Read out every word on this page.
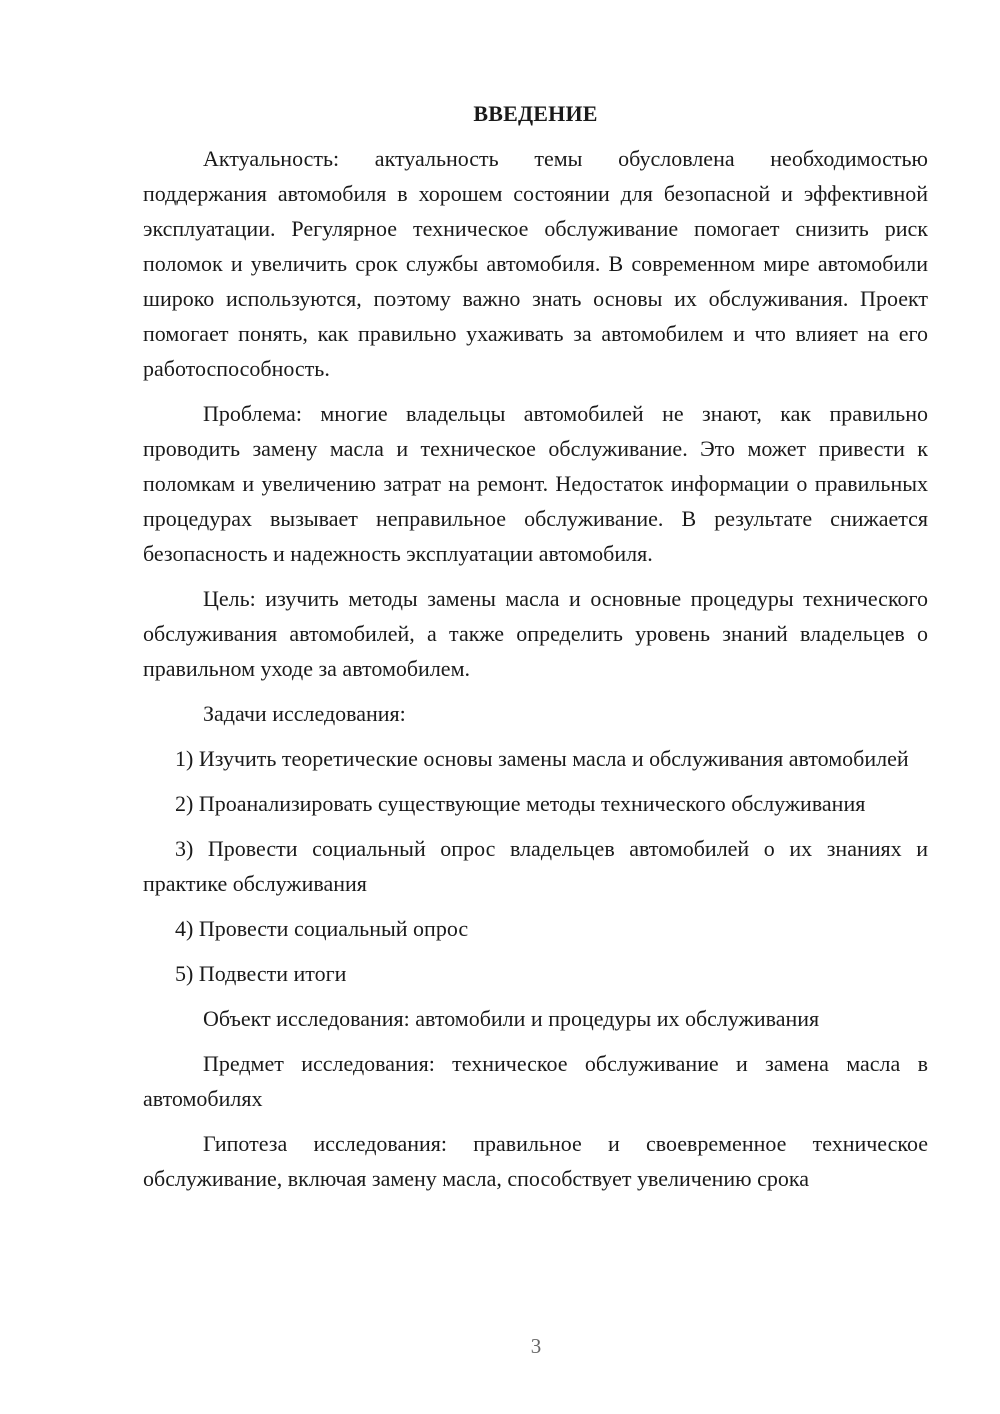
ВВЕДЕНИЕ
Актуальность: актуальность темы обусловлена необходимостью поддержания автомобиля в хорошем состоянии для безопасной и эффективной эксплуатации. Регулярное техническое обслуживание помогает снизить риск поломок и увеличить срок службы автомобиля. В современном мире автомобили широко используются, поэтому важно знать основы их обслуживания. Проект помогает понять, как правильно ухаживать за автомобилем и что влияет на его работоспособность.
Проблема: многие владельцы автомобилей не знают, как правильно проводить замену масла и техническое обслуживание. Это может привести к поломкам и увеличению затрат на ремонт. Недостаток информации о правильных процедурах вызывает неправильное обслуживание. В результате снижается безопасность и надежность эксплуатации автомобиля.
Цель: изучить методы замены масла и основные процедуры технического обслуживания автомобилей, а также определить уровень знаний владельцев о правильном уходе за автомобилем.
Задачи исследования:
1) Изучить теоретические основы замены масла и обслуживания автомобилей
2) Проанализировать существующие методы технического обслуживания
3) Провести социальный опрос владельцев автомобилей о их знаниях и практике обслуживания
4) Провести социальный опрос
5) Подвести итоги
Объект исследования: автомобили и процедуры их обслуживания
Предмет исследования: техническое обслуживание и замена масла в автомобилях
Гипотеза исследования: правильное и своевременное техническое обслуживание, включая замену масла, способствует увеличению срока
3
